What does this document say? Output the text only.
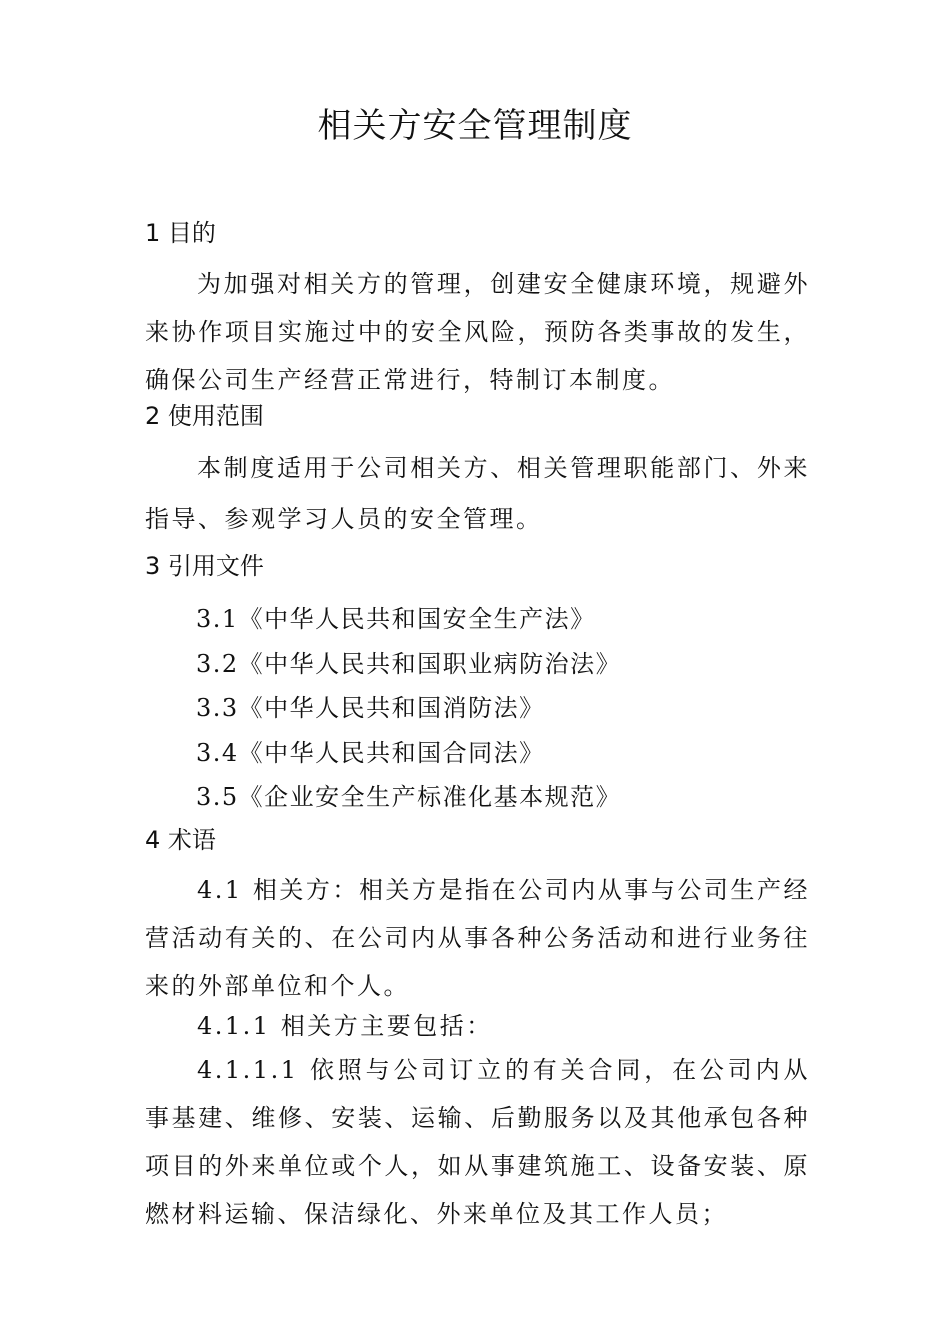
相关方安全管理制度
1 目的

为加强对相关方的管理，创建安全健康环境，规避外来协作项目实施过中的安全风险，预防各类事故的发生，确保公司生产经营正常进行，特制订本制度。

2 使用范围

本制度适用于公司相关方、相关管理职能部门、外来指导、参观学习人员的安全管理。

3 引用文件
3.1《中华人民共和国安全生产法》
3.2《中华人民共和国职业病防治法》
3.3《中华人民共和国消防法》
3.4《中华人民共和国合同法》
3.5《企业安全生产标准化基本规范》
4 术语

4.1 相关方：相关方是指在公司内从事与公司生产经营活动有关的、在公司内从事各种公务活动和进行业务往来的外部单位和个人。

4.1.1 相关方主要包括：

4.1.1.1 依照与公司订立的有关合同，在公司内从事基建、维修、安装、运输、后勤服务以及其他承包各种项目的外来单位或个人，如从事建筑施工、设备安装、原燃材料运输、保洁绿化、外来单位及其工作人员；
